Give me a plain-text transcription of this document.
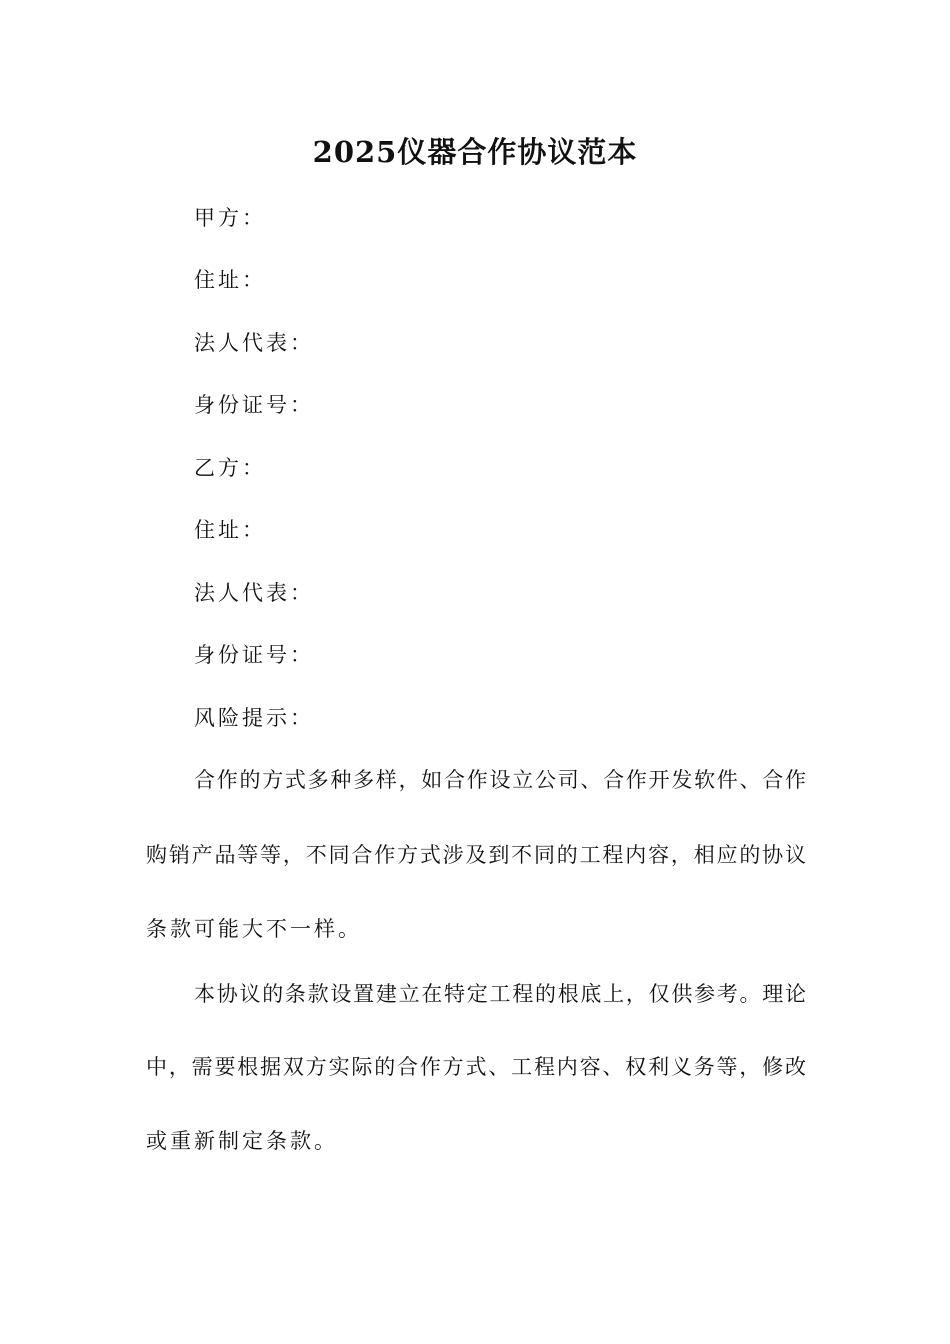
2025仪器合作协议范本
甲方：
住址：
法人代表：
身份证号：
乙方：
住址：
法人代表：
身份证号：
风险提示：
合作的方式多种多样，如合作设立公司、合作开发软件、合作
购销产品等等，不同合作方式涉及到不同的工程内容，相应的协议
条款可能大不一样。
本协议的条款设置建立在特定工程的根底上，仅供参考。理论
中，需要根据双方实际的合作方式、工程内容、权利义务等，修改
或重新制定条款。
